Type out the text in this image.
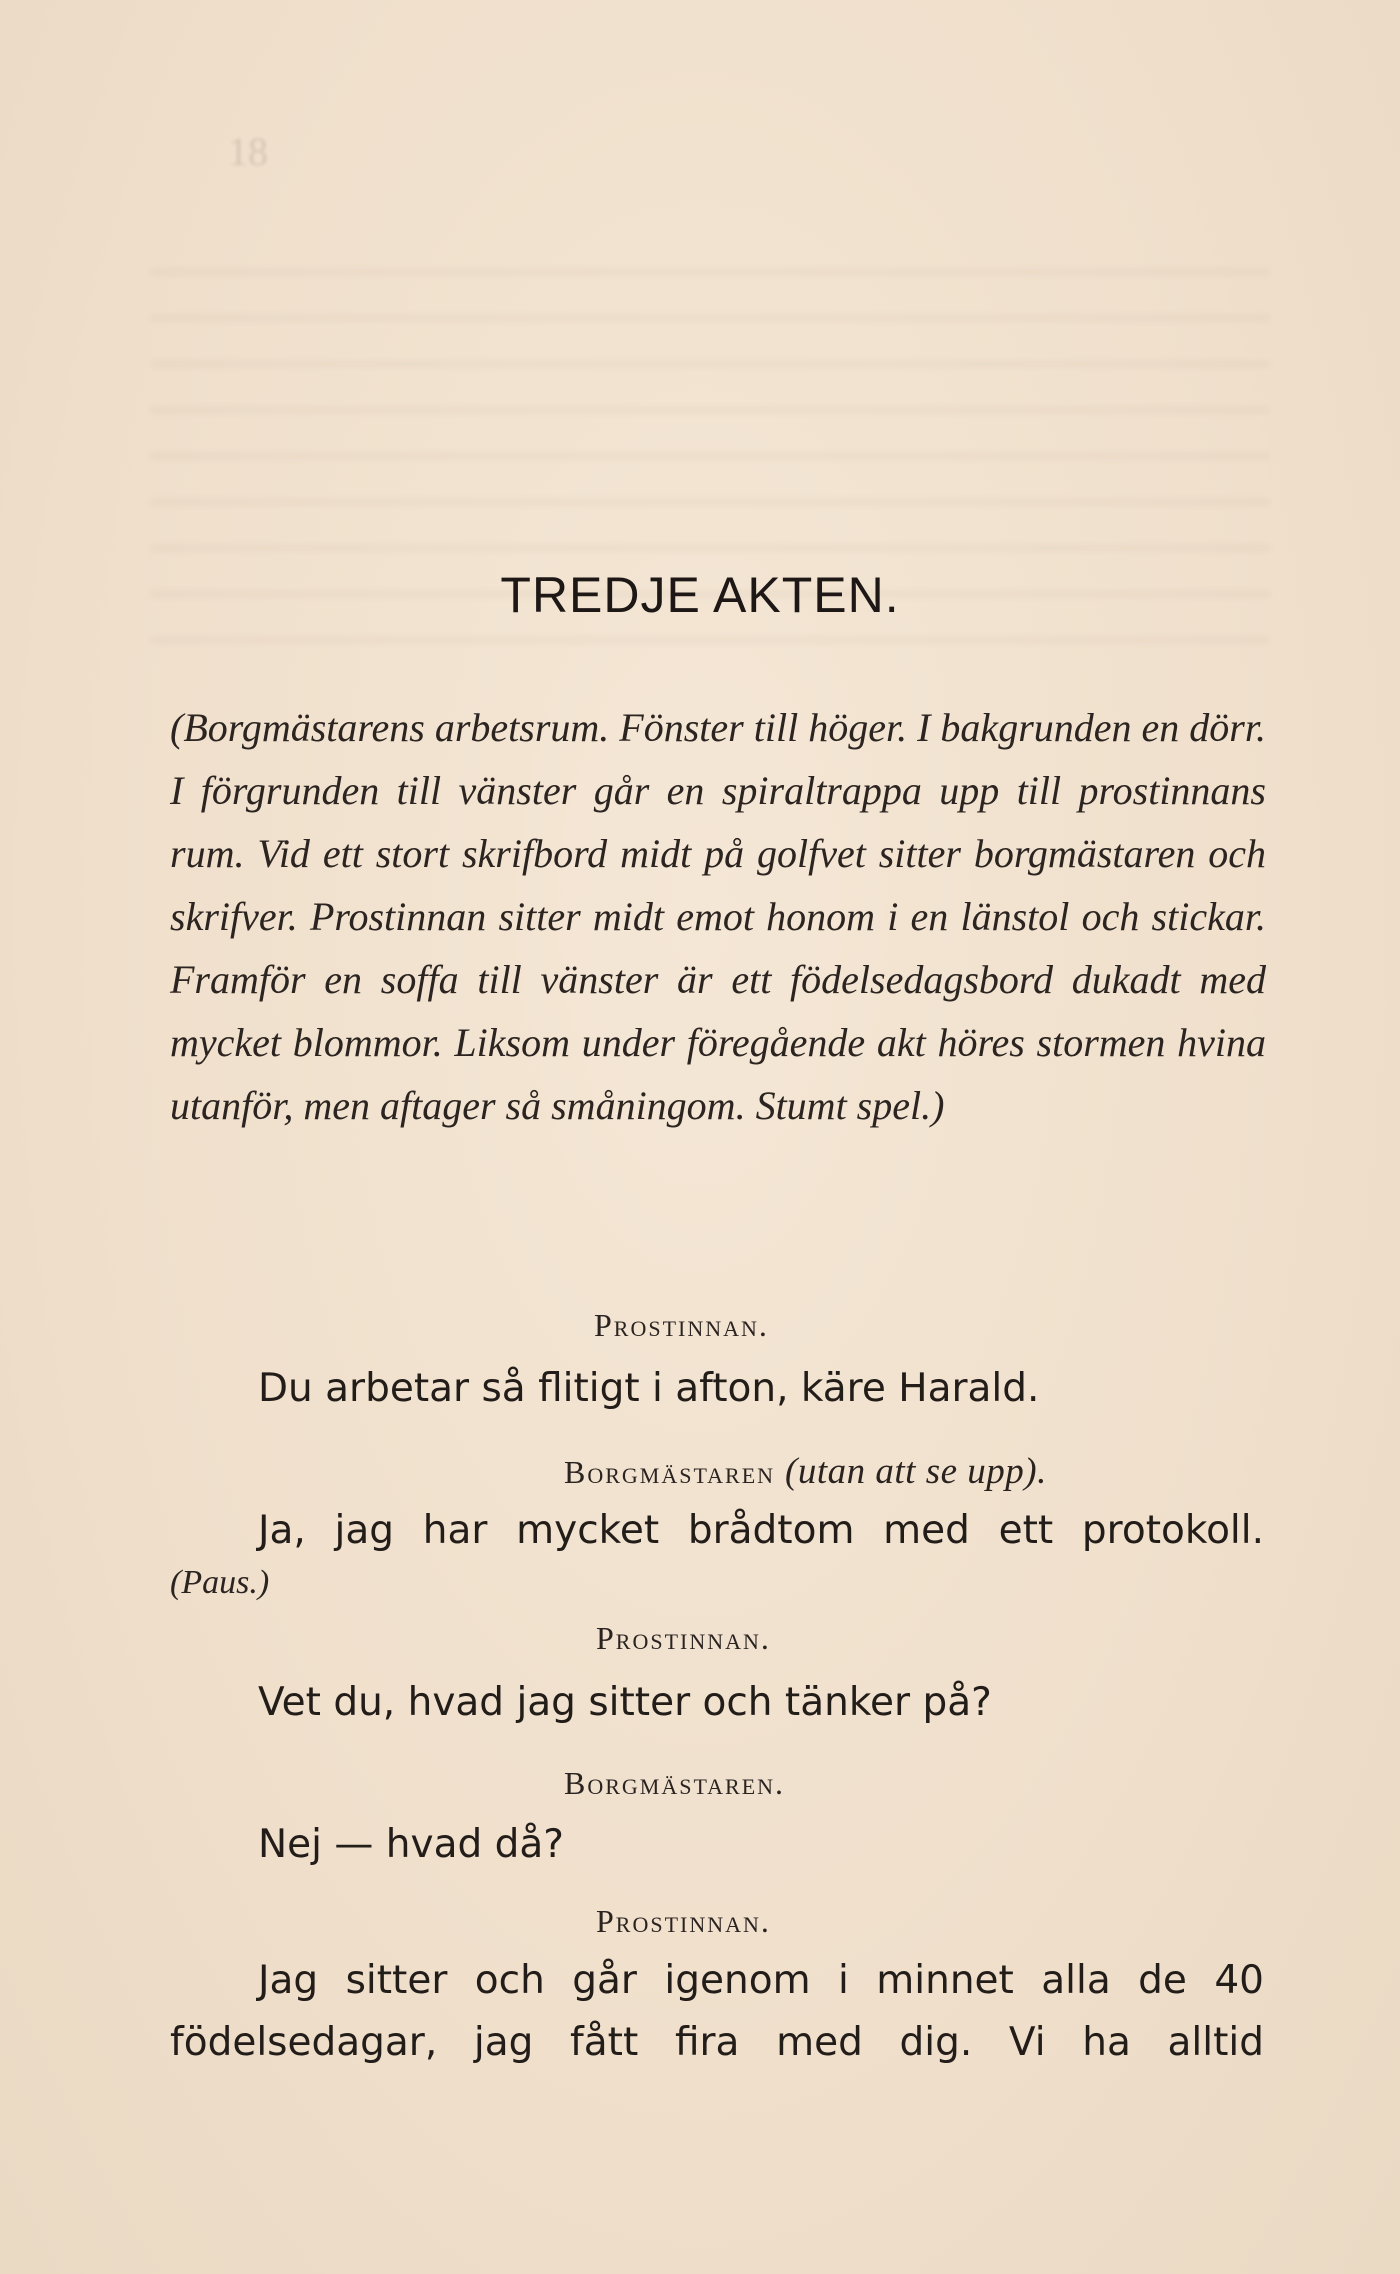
18
TREDJE AKTEN.
(Borgmästarens arbetsrum. Fönster till höger. I bakgrunden en dörr. I förgrunden till vänster går en spiraltrappa upp till prostinnans rum. Vid ett stort skrifbord midt på golfvet sitter borgmästaren och skrifver. Prostinnan sitter midt emot honom i en länstol och stickar. Framför en soffa till vänster är ett födelsedagsbord dukadt med mycket blommor. Liksom under föregående akt höres stormen hvina utanför, men aftager så småningom. Stumt spel.)
Prostinnan.
Du arbetar så flitigt i afton, käre Harald.
Borgmästaren (utan att se upp).
Ja, jag har mycket brådtom med ett protokoll.
(Paus.)
Prostinnan.
Vet du, hvad jag sitter och tänker på?
Borgmästaren.
Nej — hvad då?
Prostinnan.
Jag sitter och går igenom i minnet alla de 40
födelsedagar, jag fått fira med dig. Vi ha alltid
